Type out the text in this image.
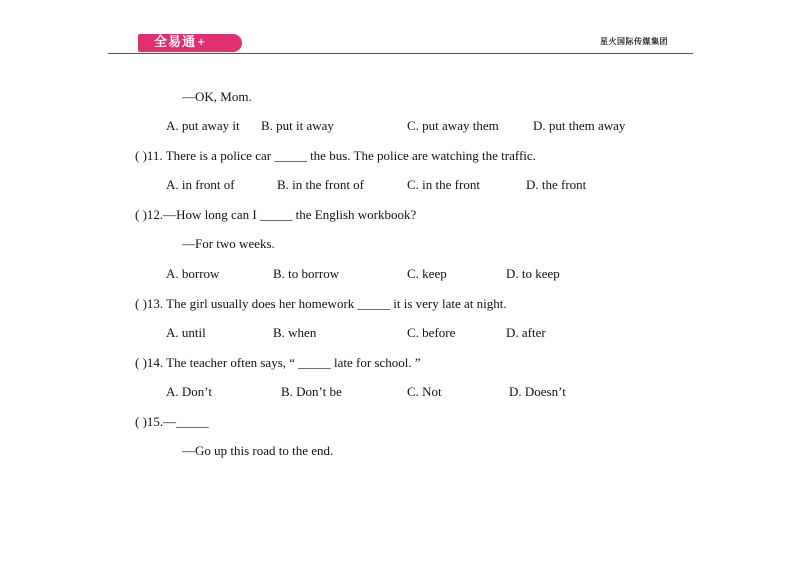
全易通+	星火国际传媒集团
—OK, Mom.
A. put away it B. put it away	C. put away them	D. put them away
( )11. There is a police car _____ the bus. The police are watching the traffic.
A. in front of	B. in the front of	C. in the front	D. the front
( )12.—How long can I _____ the English workbook?
—For two weeks.
A. borrow	B. to borrow	C. keep	D. to keep
( )13. The girl usually does her homework _____ it is very late at night.
A. until	B. when	C. before	D. after
( )14. The teacher often says, “ _____ late for school. ”
A. Don’t	B. Don’t be	C. Not	D. Doesn’t
( )15.—_____
—Go up this road to the end.
